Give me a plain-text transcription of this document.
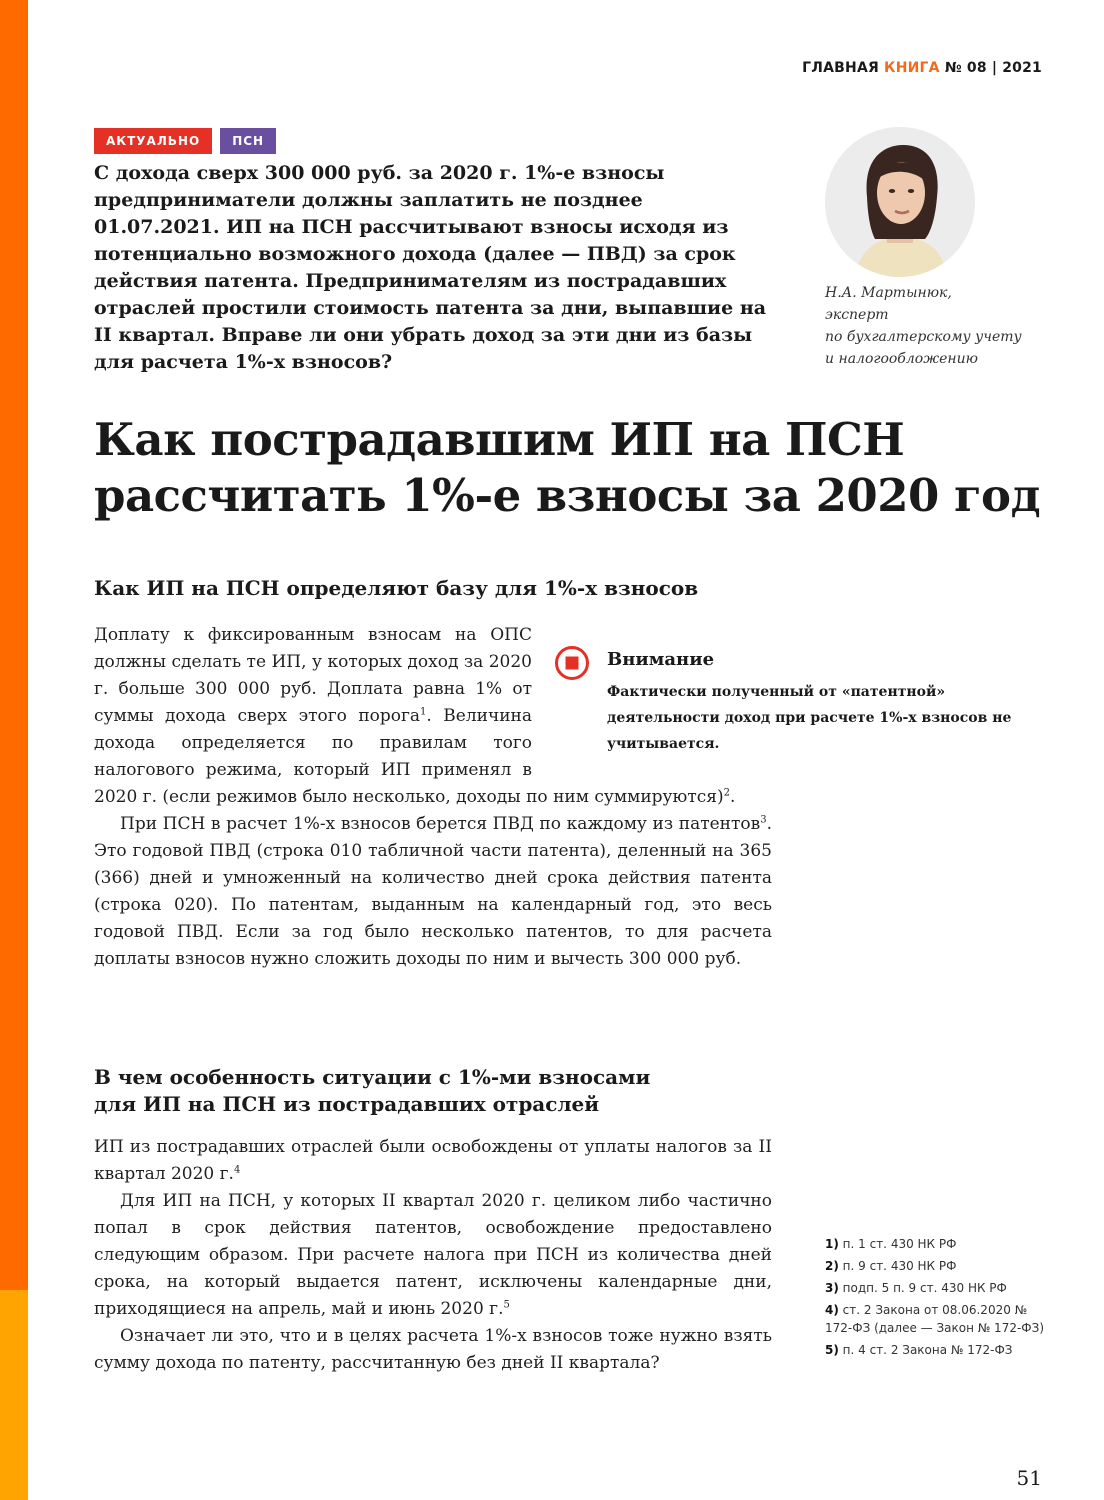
ГЛАВНАЯ КНИГА № 08 | 2021
АКТУАЛЬНО	ПСН

С дохода сверх 300 000 руб. за 2020 г. 1%-е взносы предприниматели должны заплатить не позднее 01.07.2021. ИП на ПСН рассчитывают взносы исходя из потенциально возможного дохода (далее — ПВД) за срок действия патента. Предпринимателям из пострадавших отраслей простили стоимость патента за дни, выпавшие на II квартал. Вправе ли они убрать доход за эти дни из базы для расчета 1%-х взносов?

Н.А. Мартынюк,
эксперт
по бухгалтерскому учету
и налогообложению
Как пострадавшим ИП на ПСН рассчитать 1%-е взносы за 2020 год
Как ИП на ПСН определяют базу для 1%-х взносов

Доплату к фиксированным взносам на ОПС должны сделать те ИП, у которых доход за 2020 г. больше 300 000 руб. Доплата равна 1% от суммы дохода сверх этого порога$^1$. Величина дохода определяется по правилам того налогового режима, который ИП применял в 2020 г. (если режимов было несколько, доходы по ним суммируются)$^2$.

При ПСН в расчет 1%-х взносов берется ПВД по каждому из патентов$^3$. Это годовой ПВД (строка 010 табличной части патента), деленный на 365 (366) дней и умноженный на количество дней срока действия патента (строка 020). По патентам, выданным на календарный год, это весь годовой ПВД. Если за год было несколько патентов, то для расчета доплаты взносов нужно сложить доходы по ним и вычесть 300 000 руб.

Внимание
Фактически полученный от «патентной» деятельности доход при расчете 1%-х взносов не учитывается.
В чем особенность ситуации с 1%-ми взносами
для ИП на ПСН из пострадавших отраслей

ИП из пострадавших отраслей были освобождены от уплаты налогов за II квартал 2020 г.$^4$

Для ИП на ПСН, у которых II квартал 2020 г. целиком либо частично попал в срок действия патентов, освобождение предоставлено следующим образом. При расчете налога при ПСН из количества дней срока, на который выдается патент, исключены календарные дни, приходящиеся на апрель, май и июнь 2020 г.$^5$

Означает ли это, что и в целях расчета 1%-х взносов тоже нужно взять сумму дохода по патенту, рассчитанную без дней II квартала?

1) п. 1 ст. 430 НК РФ
2) п. 9 ст. 430 НК РФ
3) подп. 5 п. 9 ст. 430 НК РФ
4) ст. 2 Закона от 08.06.2020 № 172-ФЗ (далее — Закон № 172-ФЗ)
5) п. 4 ст. 2 Закона № 172-ФЗ
51
